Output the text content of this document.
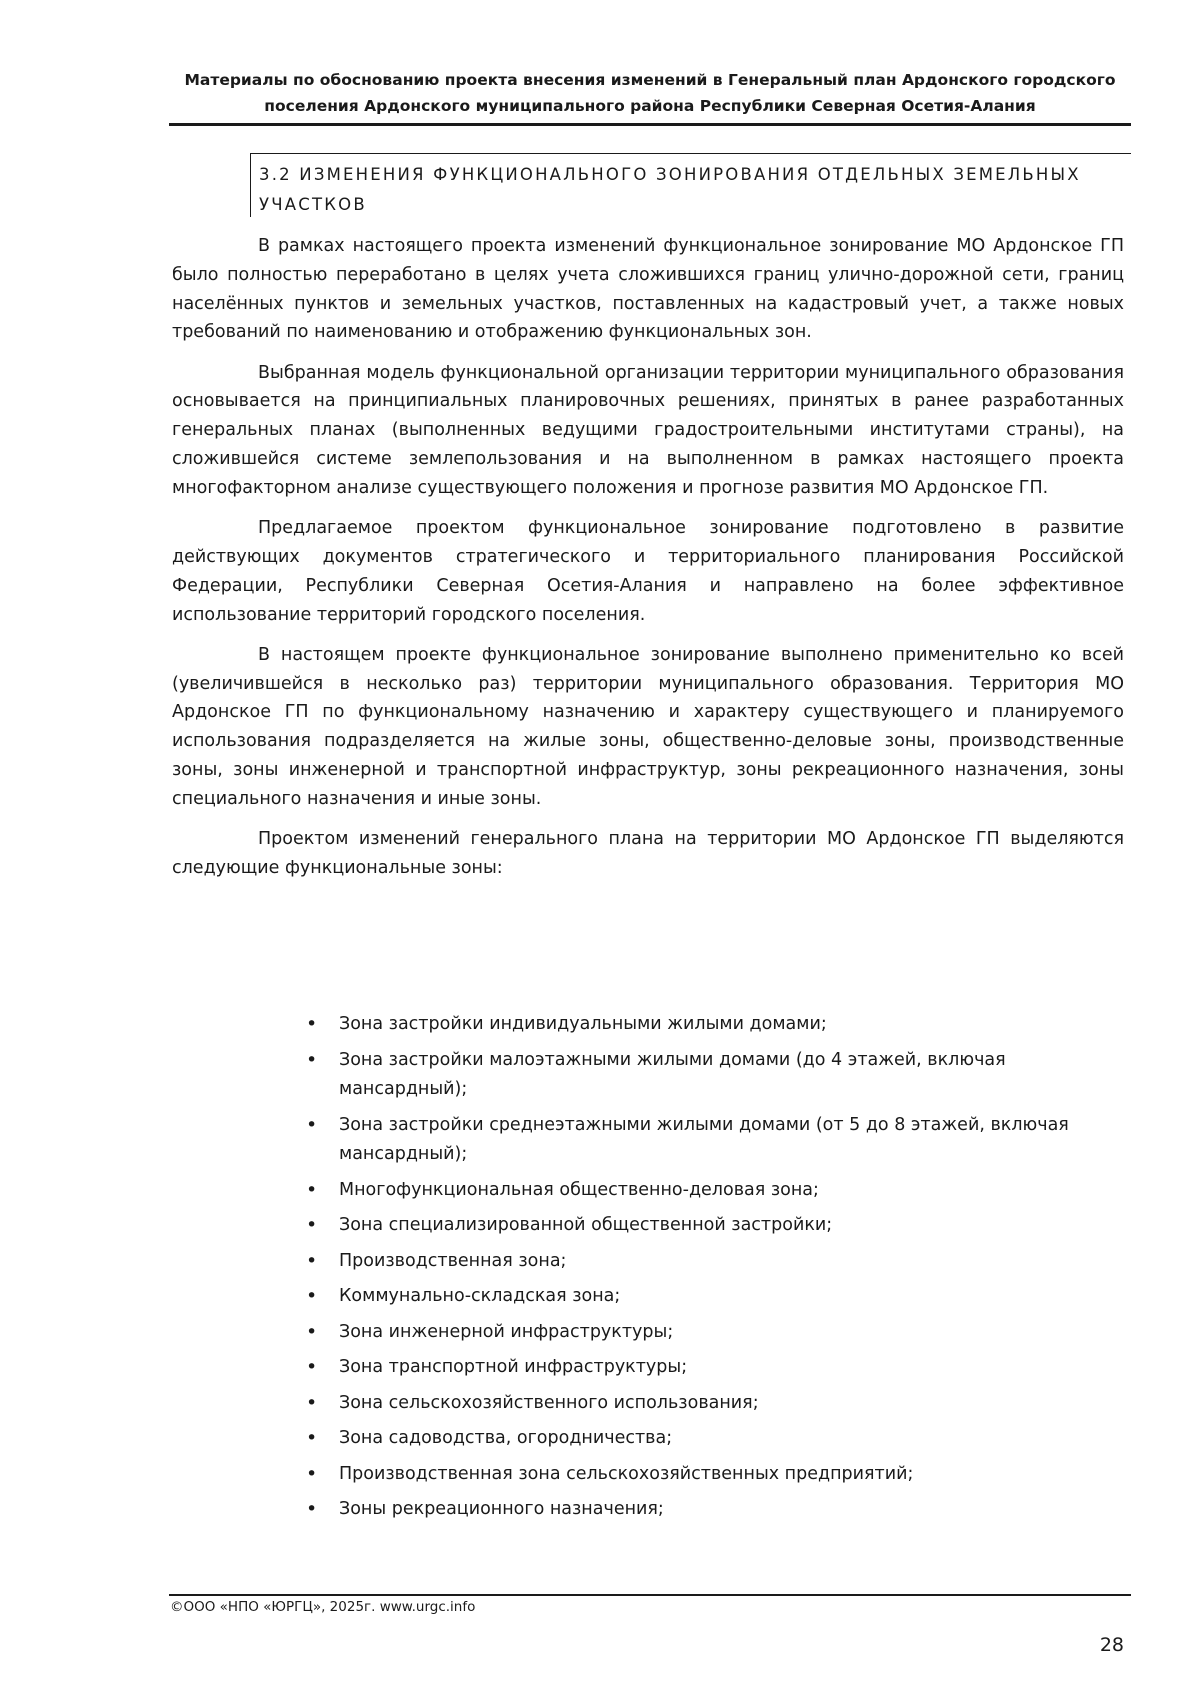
Материалы по обоснованию проекта внесения изменений в Генеральный план Ардонского городского поселения Ардонского муниципального района Республики Северная Осетия-Алания
3.2 ИЗМЕНЕНИЯ ФУНКЦИОНАЛЬНОГО ЗОНИРОВАНИЯ ОТДЕЛЬНЫХ ЗЕМЕЛЬНЫХ УЧАСТКОВ

В рамках настоящего проекта изменений функциональное зонирование МО Ардонское ГП было полностью переработано в целях учета сложившихся границ улично-дорожной сети, границ населённых пунктов и земельных участков, поставленных на кадастровый учет, а также новых требований по наименованию и отображению функциональных зон.

Выбранная модель функциональной организации территории муниципального образования основывается на принципиальных планировочных решениях, принятых в ранее разработанных генеральных планах (выполненных ведущими градостроительными институтами страны), на сложившейся системе землепользования и на выполненном в рамках настоящего проекта многофакторном анализе существующего положения и прогнозе развития МО Ардонское ГП.

Предлагаемое проектом функциональное зонирование подготовлено в развитие действующих документов стратегического и территориального планирования Российской Федерации, Республики Северная Осетия-Алания и направлено на более эффективное использование территорий городского поселения.

В настоящем проекте функциональное зонирование выполнено применительно ко всей (увеличившейся в несколько раз) территории муниципального образования. Территория МО Ардонское ГП по функциональному назначению и характеру существующего и планируемого использования подразделяется на жилые зоны, общественно-деловые зоны, производственные зоны, зоны инженерной и транспортной инфраструктур, зоны рекреационного назначения, зоны специального назначения и иные зоны.

Проектом изменений генерального плана на территории МО Ардонское ГП выделяются следующие функциональные зоны:

• Зона застройки индивидуальными жилыми домами;
• Зона застройки малоэтажными жилыми домами (до 4 этажей, включая мансардный);
• Зона застройки среднеэтажными жилыми домами (от 5 до 8 этажей, включая мансардный);
• Многофункциональная общественно-деловая зона;
• Зона специализированной общественной застройки;
• Производственная зона;
• Коммунально-складская зона;
• Зона инженерной инфраструктуры;
• Зона транспортной инфраструктуры;
• Зона сельскохозяйственного использования;
• Зона садоводства, огородничества;
• Производственная зона сельскохозяйственных предприятий;
• Зоны рекреационного назначения;
©ООО «НПО «ЮРГЦ», 2025г. www.urgc.info
28
